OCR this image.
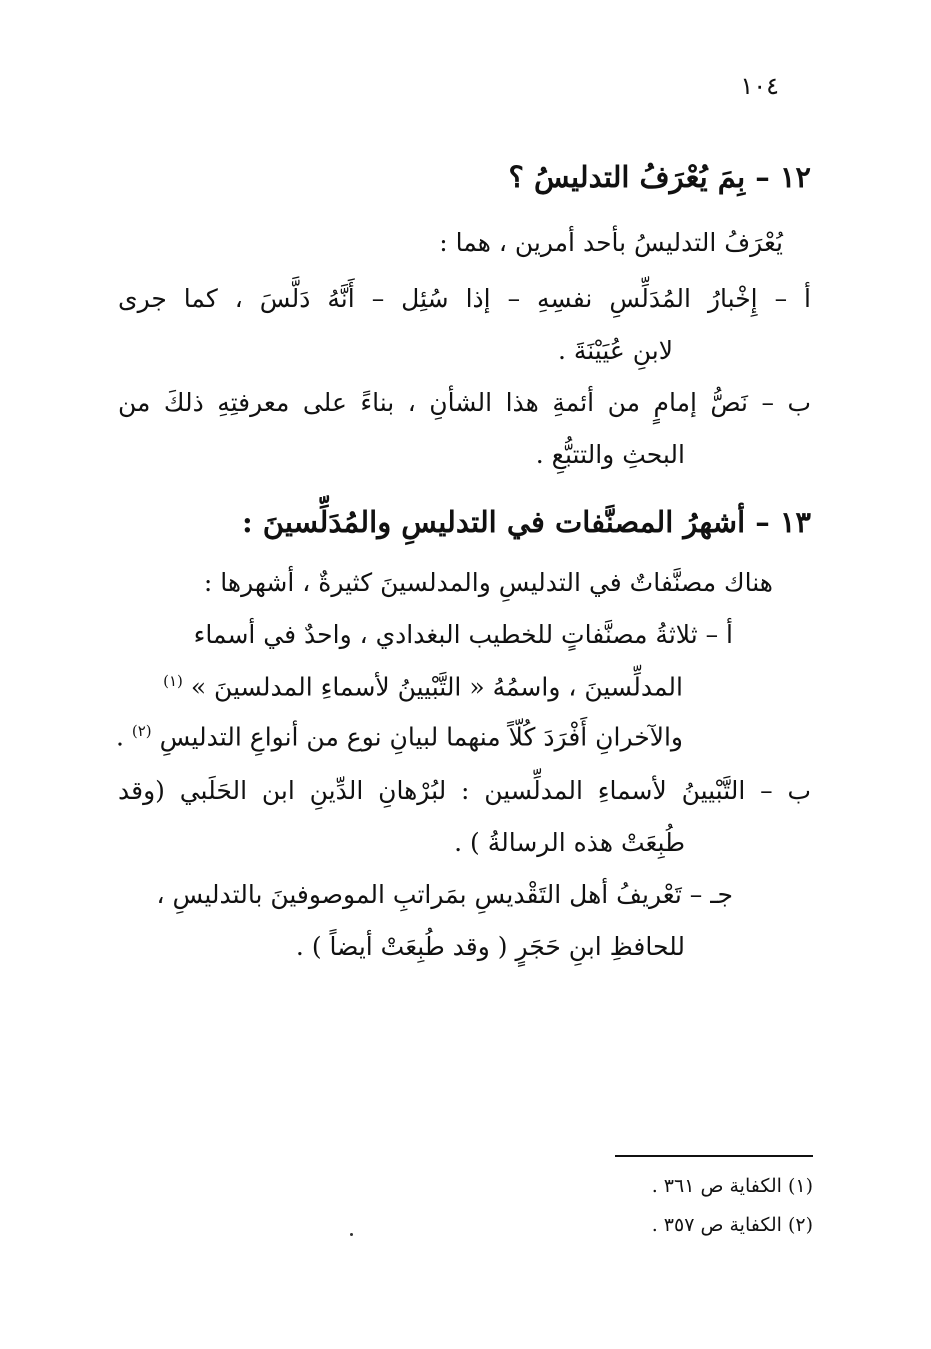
١٠٤
١٢ – بِمَ يُعْرَفُ التدليسُ ؟
يُعْرَفُ التدليسُ بأحد أمرين ، هما :
أ – إِخْبارُ المُدَلِّسِ نفسِهِ – إذا سُئِل – أَنَّهُ دَلَّسَ ، كما جرى
لابنِ عُيَيْنَةَ .
ب – نَصُّ إمامٍ من أئمةِ هذا الشأنِ ، بناءً على معرفتِهِ ذلكَ من
البحثِ والتتبُّعِ .
١٣ – أشهرُ المصنَّفات في التدليسِ والمُدَلِّسينَ :
هناك مصنَّفاتٌ في التدليسِ والمدلسينَ كثيرةٌ ، أشهرها :
أ – ثلاثةُ مصنَّفاتٍ للخطيب البغدادي ، واحدٌ في أسماء
المدلِّسينَ ، واسمُهُ « التَّبْيينُ لأسماءِ المدلسينَ » $^{(١)}$
والآخرانِ أَفْرَدَ كُلّاً منهما لبيانِ نوع من أنواعِ التدليسِ $^{(٢)}$ .
ب – التَّبْيينُ لأسماءِ المدلِّسين : لبُرْهانِ الدِّينِ ابن الحَلَبي (وقد
طُبِعَتْ هذه الرسالةُ ) .
جـ – تَعْريفُ أهل التَقْديسِ بمَراتبِ الموصوفينَ بالتدليسِ ،
للحافظِ ابنِ حَجَرٍ ( وقد طُبِعَتْ أيضاً ) .
(١) الكفاية ص ٣٦١ .
(٢) الكفاية ص ٣٥٧ .
